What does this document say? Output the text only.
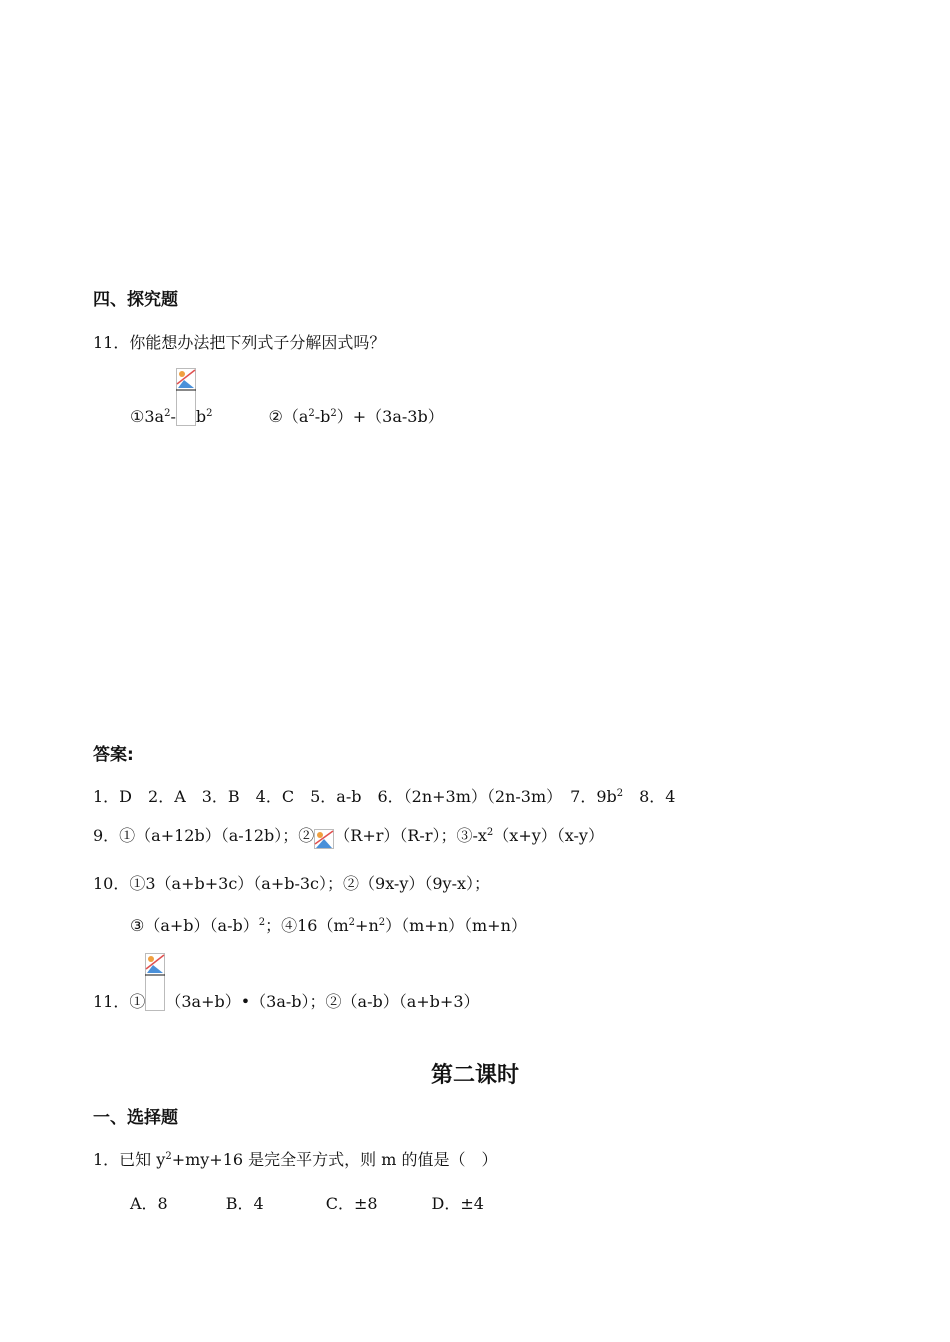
四、探究题
11．你能想办法把下列式子分解因式吗？
$①3a^2-$ $b^2$	$②(a^2-b^2)+(3a-3b)$
答案:
1．D　2．A　3．B　4．C　5．a-b　6．（2n+3m）（2n-3m）　7．$9b^2$　8．4
9．①（a+12b）（a-12b）；② （R+r）（R-r）；$③-x^2(x+y)(x-y)$
10．①3（a+b+3c）（a+b-3c）；②（9x-y）（9y-x）；
$③(a+b)(a-b)^2$；$④16(m^2+n^2)(m+n)(m+n)$
11．① （3a+b）•（3a-b）；②（a-b）（a+b+3）
第二课时
一、选择题
1．已知 $y^2+my+16$ 是完全平方式，则 m 的值是（　）
A．8	B．4	C．±8	D．±4
